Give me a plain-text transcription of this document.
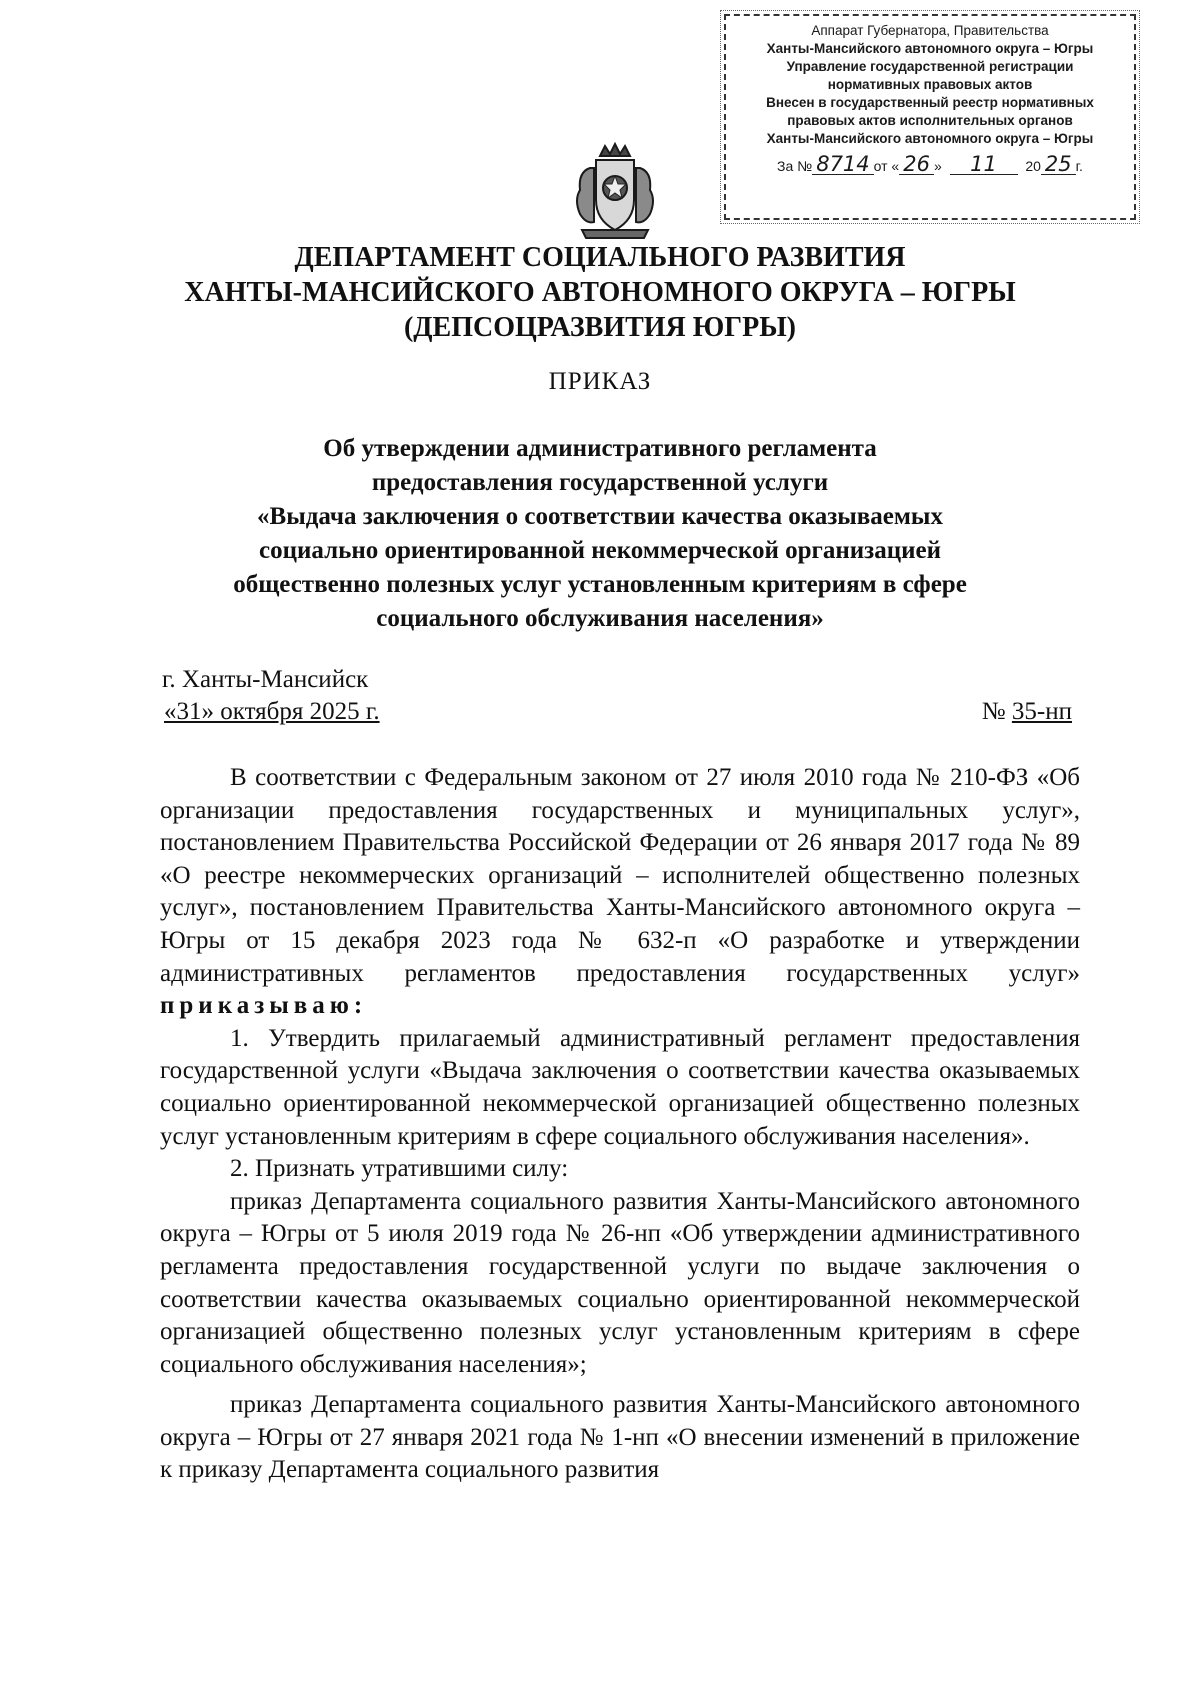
Аппарат Губернатора, Правительства
Ханты-Мансийского автономного округа – Югры
Управление государственной регистрации
нормативных правовых актов
Внесен в государственный реестр нормативных
правовых актов исполнительных органов
Ханты-Мансийского автономного округа – Югры
За № 8714 от « 26 » 11 20 25 г.
ДЕПАРТАМЕНТ СОЦИАЛЬНОГО РАЗВИТИЯ
ХАНТЫ-МАНСИЙСКОГО АВТОНОМНОГО ОКРУГА – ЮГРЫ
(ДЕПСОЦРАЗВИТИЯ ЮГРЫ)
ПРИКАЗ
Об утверждении административного регламента
предоставления государственной услуги
«Выдача заключения о соответствии качества оказываемых
социально ориентированной некоммерческой организацией
общественно полезных услуг установленным критериям в сфере
социального обслуживания населения»
г. Ханты-Мансийск
«31» октября 2025 г.	№ 35-нп

В соответствии с Федеральным законом от 27 июля 2010 года № 210-ФЗ «Об организации предоставления государственных и муниципальных услуг», постановлением Правительства Российской Федерации от 26 января 2017 года № 89 «О реестре некоммерческих организаций – исполнителей общественно полезных услуг», постановлением Правительства Ханты-Мансийского автономного округа – Югры от 15 декабря 2023 года № 632-п «О разработке и утверждении административных регламентов предоставления государственных услуг» приказываю:

1. Утвердить прилагаемый административный регламент предоставления государственной услуги «Выдача заключения о соответствии качества оказываемых социально ориентированной некоммерческой организацией общественно полезных услуг установленным критериям в сфере социального обслуживания населения».

2. Признать утратившими силу:

приказ Департамента социального развития Ханты-Мансийского автономного округа – Югры от 5 июля 2019 года № 26-нп «Об утверждении административного регламента предоставления государственной услуги по выдаче заключения о соответствии качества оказываемых социально ориентированной некоммерческой организацией общественно полезных услуг установленным критериям в сфере социального обслуживания населения»;

приказ Департамента социального развития Ханты-Мансийского автономного округа – Югры от 27 января 2021 года № 1-нп «О внесении изменений в приложение к приказу Департамента социального развития
